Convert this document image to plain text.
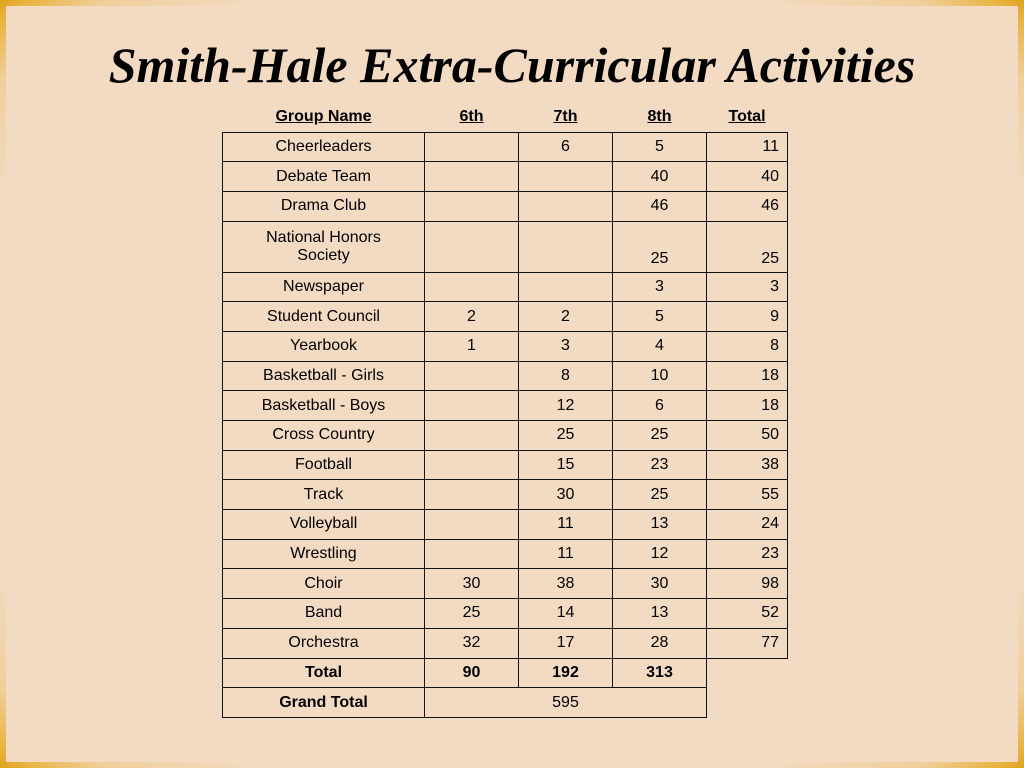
Smith-Hale Extra-Curricular Activities
Group Name	6th	7th	8th	Total
Cheerleaders		6	5	11
Debate Team			40	40
Drama Club			46	46
National Honors
Society			25	25
Newspaper			3	3
Student Council	2	2	5	9
Yearbook	1	3	4	8
Basketball - Girls		8	10	18
Basketball - Boys		12	6	18
Cross Country		25	25	50
Football		15	23	38
Track		30	25	55
Volleyball		11	13	24
Wrestling		11	12	23
Choir	30	38	30	98
Band	25	14	13	52
Orchestra	32	17	28	77
Total	90	192	313	
Grand Total	595			
